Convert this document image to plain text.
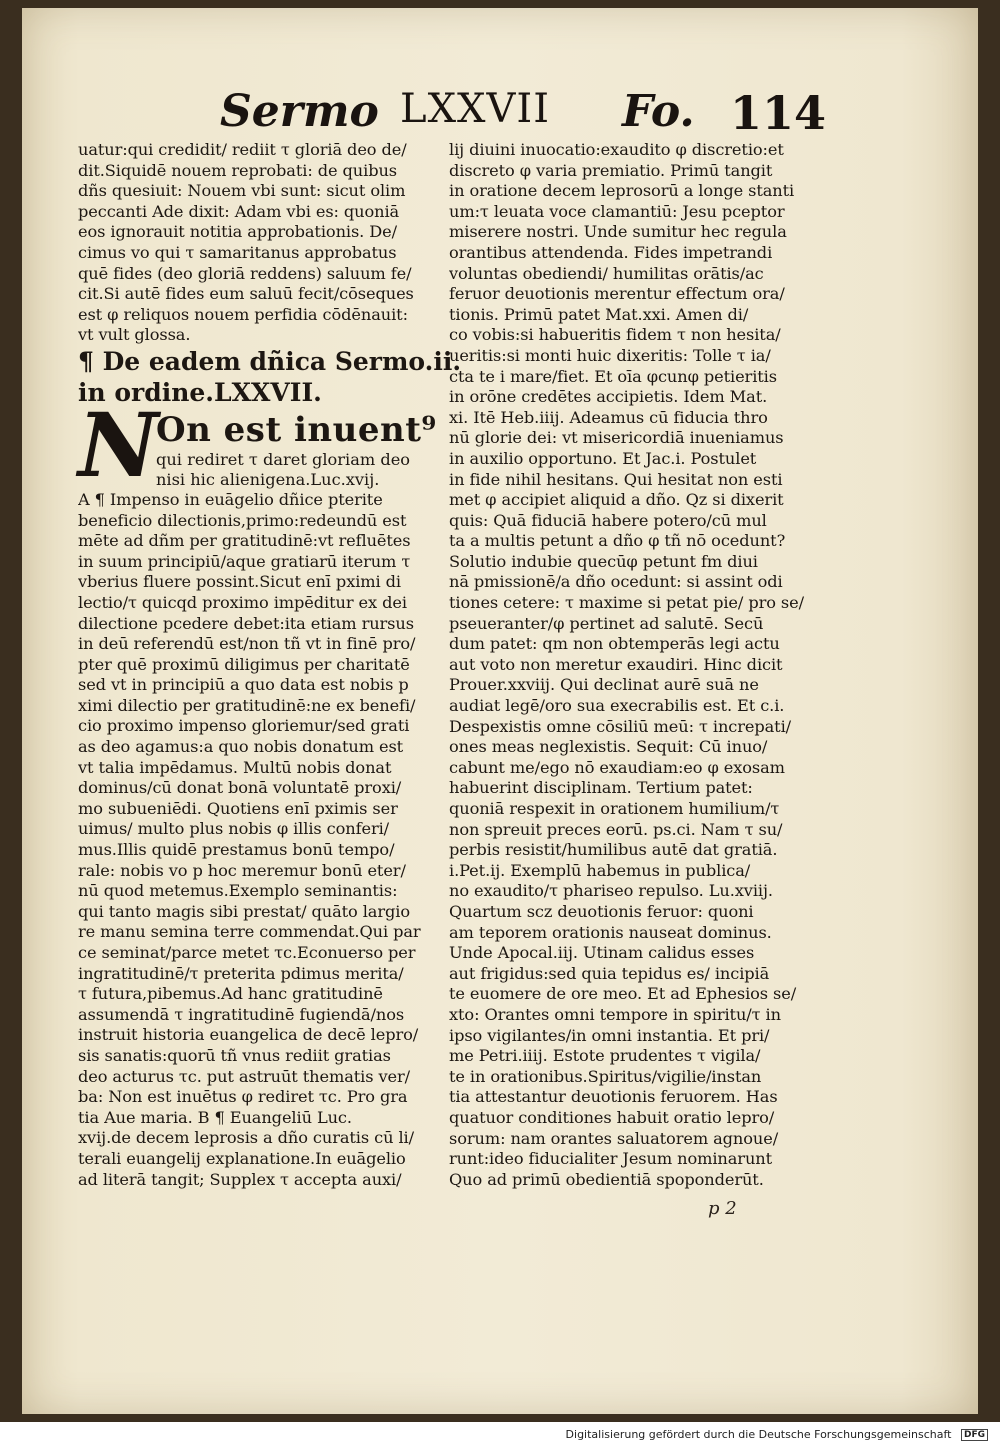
Sermo LXXVII Fo. 114
uatur:qui credidit/ rediit τ gloriā deo de/
dit.Siquidē nouem reprobati: de quibus
dñs quesiuit: Nouem vbi sunt: sicut olim
peccanti Ade dixit: Adam vbi es: quoniā
eos ignorauit notitia approbationis. De/
cimus vo qui τ samaritanus approbatus
quē fides (deo gloriā reddens) saluum fe/
cit.Si autē fides eum saluū fecit/cōseques
est φ reliquos nouem perfidia cōdēnauit:
vt vult glossa.
¶ De eadem dñica Sermo.ii.
in ordine.LXXVII.
N
On est inuent⁹
qui rediret τ daret gloriam deo
nisi hic alienigena.Luc.xvij.
A ¶ Impenso in euāgelio dñice pterite
beneficio dilectionis,primo:redeundū est
mēte ad dñm per gratitudinē:vt refluētes
in suum principiū/aque gratiarū iterum τ
vberius fluere possint.Sicut enī pximi di
lectio/τ quicqd proximo impēditur ex dei
dilectione pcedere debet:ita etiam rursus
in deū referendū est/non tñ vt in finē pro/
pter quē proximū diligimus per charitatē
sed vt in principiū a quo data est nobis p
ximi dilectio per gratitudinē:ne ex benefi/
cio proximo impenso gloriemur/sed grati
as deo agamus:a quo nobis donatum est
vt talia impēdamus. Multū nobis donat
dominus/cū donat bonā voluntatē proxi/
mo subueniēdi. Quotiens enī pximis ser
uimus/ multo plus nobis φ illis conferi/
mus.Illis quidē prestamus bonū tempo/
rale: nobis vo p hoc meremur bonū eter/
nū quod metemus.Exemplo seminantis:
qui tanto magis sibi prestat/ quāto largio
re manu semina terre commendat.Qui par
ce seminat/parce metet τc.Econuerso per
ingratitudinē/τ preterita pdimus merita/
τ futura,pibemus.Ad hanc gratitudinē
assumendā τ ingratitudinē fugiendā/nos
instruit historia euangelica de decē lepro/
sis sanatis:quorū tñ vnus rediit gratias
deo acturus τc. put astruūt thematis ver/
ba: Non est inuētus φ rediret τc. Pro gra
tia Aue maria. B ¶ Euangeliū Luc.
xvij.de decem leprosis a dño curatis cū li/
terali euangelij explanatione.In euāgelio
ad literā tangit; Supplex τ accepta auxi/
lij diuini inuocatio:exaudito φ discretio:et
discreto φ varia premiatio. Primū tangit
in oratione decem leprosorū a longe stanti
um:τ leuata voce clamantiū: Jesu pceptor
miserere nostri. Unde sumitur hec regula
orantibus attendenda. Fides impetrandi
voluntas obediendi/ humilitas orātis/ac
feruor deuotionis merentur effectum ora/
tionis. Primū patet Mat.xxi. Amen di/
co vobis:si habueritis fidem τ non hesita/
ueritis:si monti huic dixeritis: Tolle τ ia/
cta te i mare/fiet. Et oīa φcunφ petieritis
in orōne credētes accipietis. Idem Mat.
xi. Itē Heb.iiij. Adeamus cū fiducia thro
nū glorie dei: vt misericordiā inueniamus
in auxilio opportuno. Et Jac.i. Postulet
in fide nihil hesitans. Qui hesitat non esti
met φ accipiet aliquid a dño. Qz si dixerit
quis: Quā fiduciā habere potero/cū mul
ta a multis petunt a dño φ tñ nō ocedunt?
Solutio indubie quecūφ petunt fm diui
nā pmissionē/a dño ocedunt: si assint odi
tiones cetere: τ maxime si petat pie/ pro se/
pseueranter/φ pertinet ad salutē. Secū
dum patet: qm non obtemperās legi actu
aut voto non meretur exaudiri. Hinc dicit
Prouer.xxviij. Qui declinat aurē suā ne
audiat legē/oro sua execrabilis est. Et c.i.
Despexistis omne cōsiliū meū: τ increpati/
ones meas neglexistis. Sequit: Cū inuo/
cabunt me/ego nō exaudiam:eo φ exosam
habuerint disciplinam. Tertium patet:
quoniā respexit in orationem humilium/τ
non spreuit preces eorū. ps.ci. Nam τ su/
perbis resistit/humilibus autē dat gratiā.
i.Pet.ij. Exemplū habemus in publica/
no exaudito/τ phariseo repulso. Lu.xviij.
Quartum scz deuotionis feruor: quoni
am teporem orationis nauseat dominus.
Unde Apocal.iij. Utinam calidus esses
aut frigidus:sed quia tepidus es/ incipiā
te euomere de ore meo. Et ad Ephesios se/
xto: Orantes omni tempore in spiritu/τ in
ipso vigilantes/in omni instantia. Et pri/
me Petri.iiij. Estote prudentes τ vigila/
te in orationibus.Spiritus/vigilie/instan
tia attestantur deuotionis feruorem. Has
quatuor conditiones habuit oratio lepro/
sorum: nam orantes saluatorem agnoue/
runt:ideo fiducialiter Jesum nominarunt
Quo ad primū obedientiā spoponderūt.
p 2
Digitalisierung gefördert durch die Deutsche Forschungsgemeinschaft DFG
